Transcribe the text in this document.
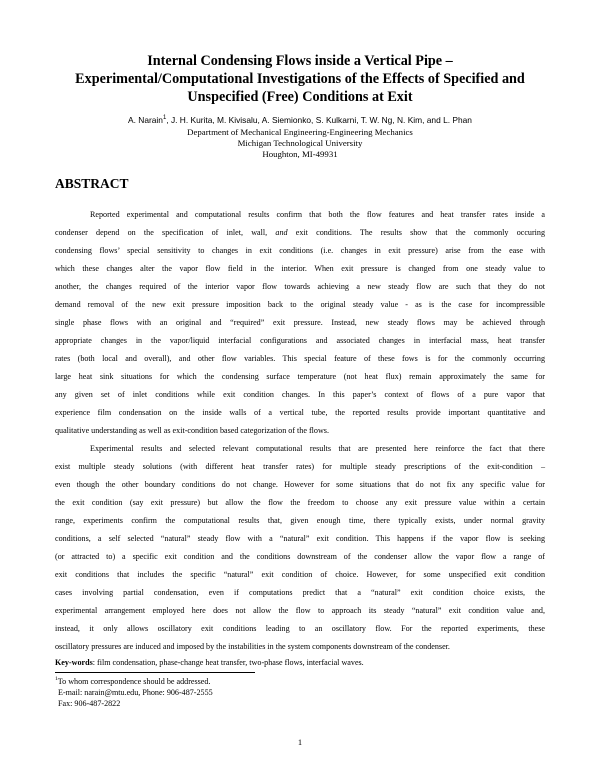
Internal Condensing Flows inside a Vertical Pipe –
Experimental/Computational Investigations of the Effects of Specified and
Unspecified (Free) Conditions at Exit
A. Narain$^1$, J. H. Kurita, M. Kivisalu, A. Siemionko, S. Kulkarni, T. W. Ng, N. Kim, and L. Phan
Department of Mechanical Engineering-Engineering Mechanics
Michigan Technological University
Houghton, MI-49931
ABSTRACT
Reported experimental and computational results confirm that both the flow features and heat transfer rates inside a
condenser depend on the specification of inlet, wall, and exit conditions. The results show that the commonly occuring
condensing flows’ special sensitivity to changes in exit conditions (i.e. changes in exit pressure) arise from the ease with
which these changes alter the vapor flow field in the interior. When exit pressure is changed from one steady value to
another, the changes required of the interior vapor flow towards achieving a new steady flow are such that they do not
demand removal of the new exit pressure imposition back to the original steady value - as is the case for incompressible
single phase flows with an original and “required” exit pressure. Instead, new steady flows may be achieved through
appropriate changes in the vapor/liquid interfacial configurations and associated changes in interfacial mass, heat transfer
rates (both local and overall), and other flow variables. This special feature of these fows is for the commonly occurring
large heat sink situations for which the condensing surface temperature (not heat flux) remain approximately the same for
any given set of inlet conditions while exit condition changes. In this paper’s context of flows of a pure vapor that
experience film condensation on the inside walls of a vertical tube, the reported results provide important quantitative and
qualitative understanding as well as exit-condition based categorization of the flows.
Experimental results and selected relevant computational results that are presented here reinforce the fact that there
exist multiple steady solutions (with different heat transfer rates) for multiple steady prescriptions of the exit-condition –
even though the other boundary conditions do not change. However for some situations that do not fix any specific value for
the exit condition (say exit pressure) but allow the flow the freedom to choose any exit pressure value within a certain
range, experiments confirm the computational results that, given enough time, there typically exists, under normal gravity
conditions, a self selected “natural” steady flow with a “natural” exit condition. This happens if the vapor flow is seeking
(or attracted to) a specific exit condition and the conditions downstream of the condenser allow the vapor flow a range of
exit conditions that includes the specific “natural” exit condition of choice. However, for some unspecified exit condition
cases involving partial condensation, even if computations predict that a “natural” exit condition choice exists, the
experimental arrangement employed here does not allow the flow to approach its steady “natural” exit condition value and,
instead, it only allows oscillatory exit conditions leading to an oscillatory flow. For the reported experiments, these
oscillatory pressures are induced and imposed by the instabilities in the system components downstream of the condenser.
Key-words: film condensation, phase-change heat transfer, two-phase flows, interfacial waves.
$^1$To whom correspondence should be addressed.
E-mail: narain@mtu.edu, Phone: 906-487-2555
Fax: 906-487-2822
1
